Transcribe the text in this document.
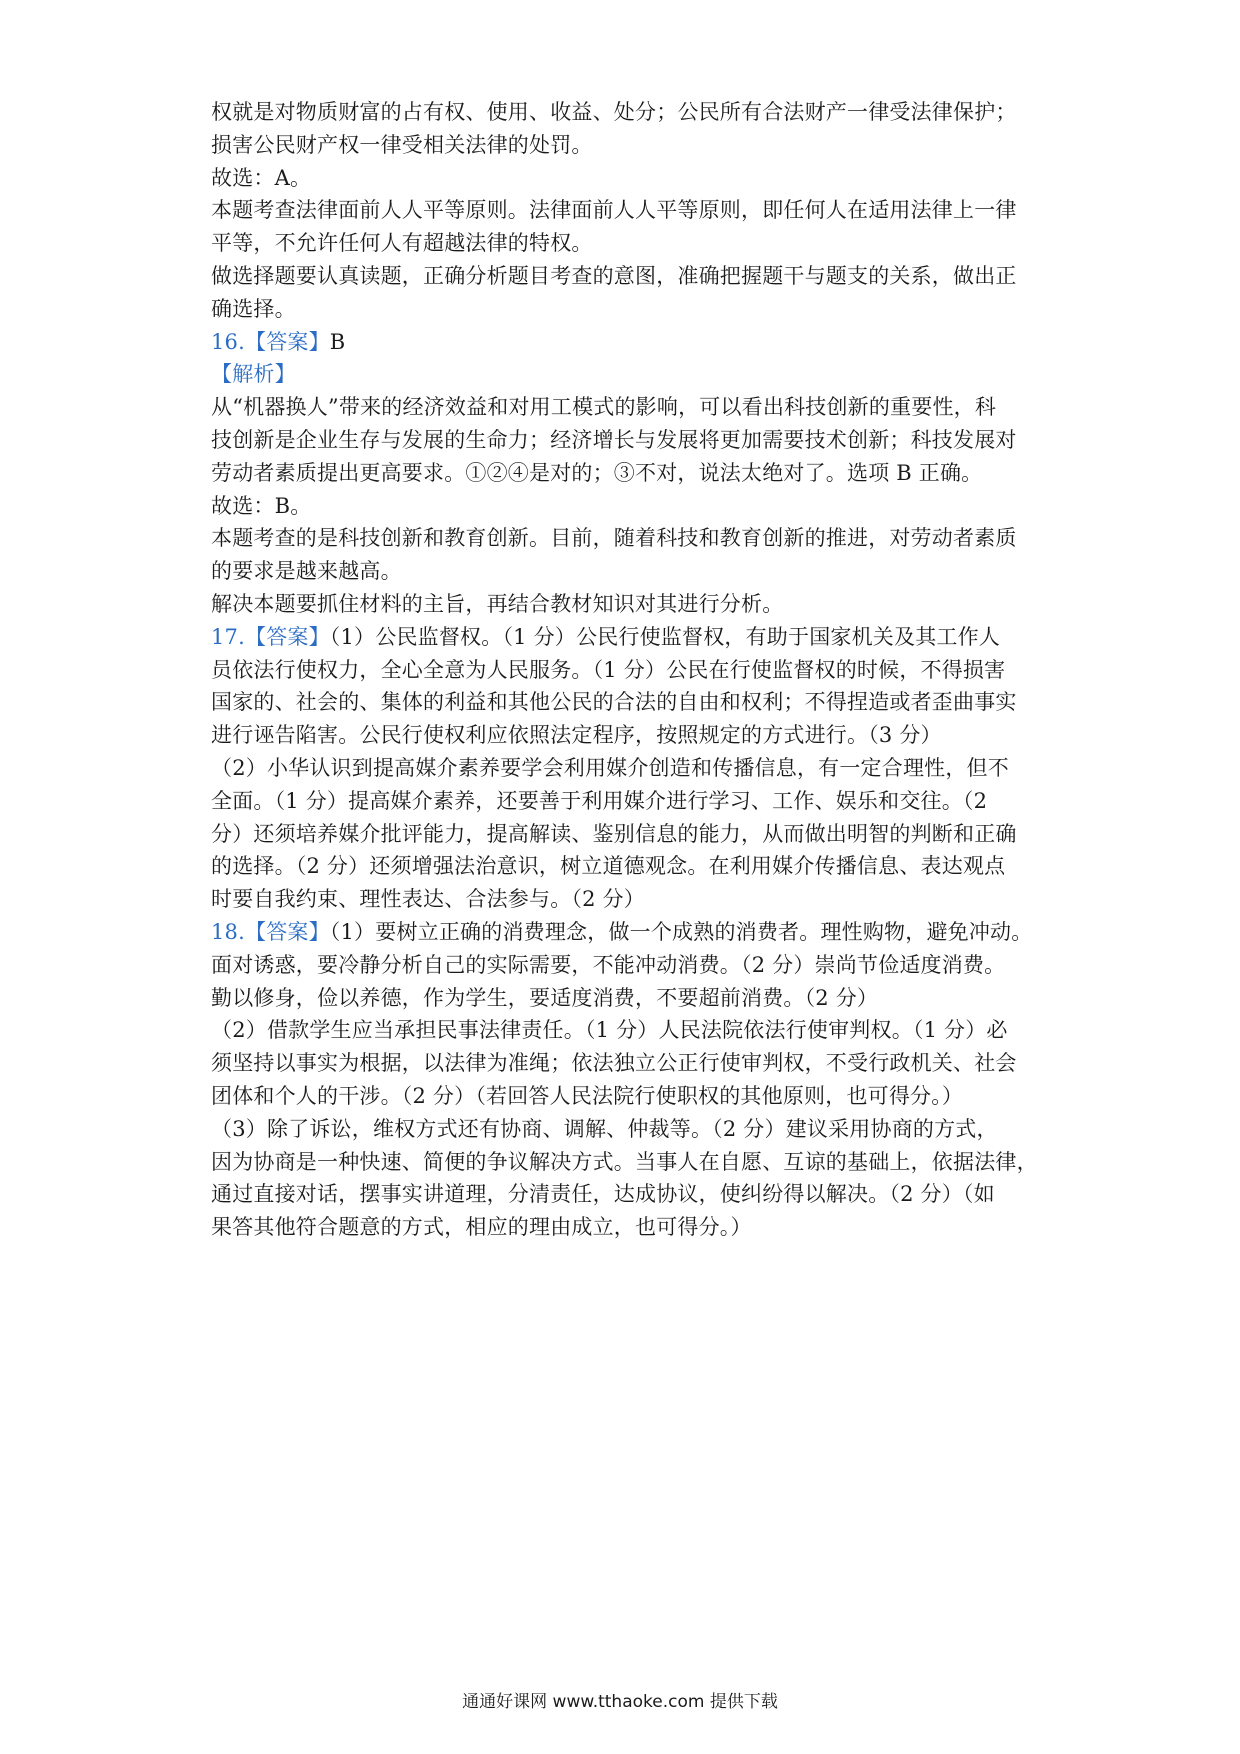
权就是对物质财富的占有权、使用、收益、处分；公民所有合法财产一律受法律保护；
损害公民财产权一律受相关法律的处罚。
故选：A。
本题考查法律面前人人平等原则。法律面前人人平等原则，即任何人在适用法律上一律
平等，不允许任何人有超越法律的特权。
做选择题要认真读题，正确分析题目考查的意图，准确把握题干与题支的关系，做出正
确选择。
16.【答案】B
【解析】
从“机器换人”带来的经济效益和对用工模式的影响，可以看出科技创新的重要性，科
技创新是企业生存与发展的生命力；经济增长与发展将更加需要技术创新；科技发展对
劳动者素质提出更高要求。①②④是对的；③不对，说法太绝对了。选项 B 正确。
故选：B。
本题考查的是科技创新和教育创新。目前，随着科技和教育创新的推进，对劳动者素质
的要求是越来越高。
解决本题要抓住材料的主旨，再结合教材知识对其进行分析。
17.【答案】（1）公民监督权。（1 分）公民行使监督权，有助于国家机关及其工作人
员依法行使权力，全心全意为人民服务。（1 分）公民在行使监督权的时候，不得损害
国家的、社会的、集体的利益和其他公民的合法的自由和权利；不得捏造或者歪曲事实
进行诬告陷害。公民行使权利应依照法定程序，按照规定的方式进行。（3 分）
（2）小华认识到提高媒介素养要学会利用媒介创造和传播信息，有一定合理性，但不
全面。（1 分）提高媒介素养，还要善于利用媒介进行学习、工作、娱乐和交往。（2
分）还须培养媒介批评能力，提高解读、鉴别信息的能力，从而做出明智的判断和正确
的选择。（2 分）还须增强法治意识，树立道德观念。在利用媒介传播信息、表达观点
时要自我约束、理性表达、合法参与。（2 分）
18.【答案】（1）要树立正确的消费理念，做一个成熟的消费者。理性购物，避免冲动。
面对诱惑，要冷静分析自己的实际需要，不能冲动消费。（2 分）崇尚节俭适度消费。
勤以修身，俭以养德，作为学生，要适度消费，不要超前消费。（2 分）
（2）借款学生应当承担民事法律责任。（1 分）人民法院依法行使审判权。（1 分）必
须坚持以事实为根据，以法律为准绳；依法独立公正行使审判权，不受行政机关、社会
团体和个人的干涉。（2 分）（若回答人民法院行使职权的其他原则，也可得分。）
（3）除了诉讼，维权方式还有协商、调解、仲裁等。（2 分）建议采用协商的方式，
因为协商是一种快速、简便的争议解决方式。当事人在自愿、互谅的基础上，依据法律，
通过直接对话，摆事实讲道理，分清责任，达成协议，使纠纷得以解决。（2 分）（如
果答其他符合题意的方式，相应的理由成立，也可得分。）
通通好课网 www.tthaoke.com 提供下载
